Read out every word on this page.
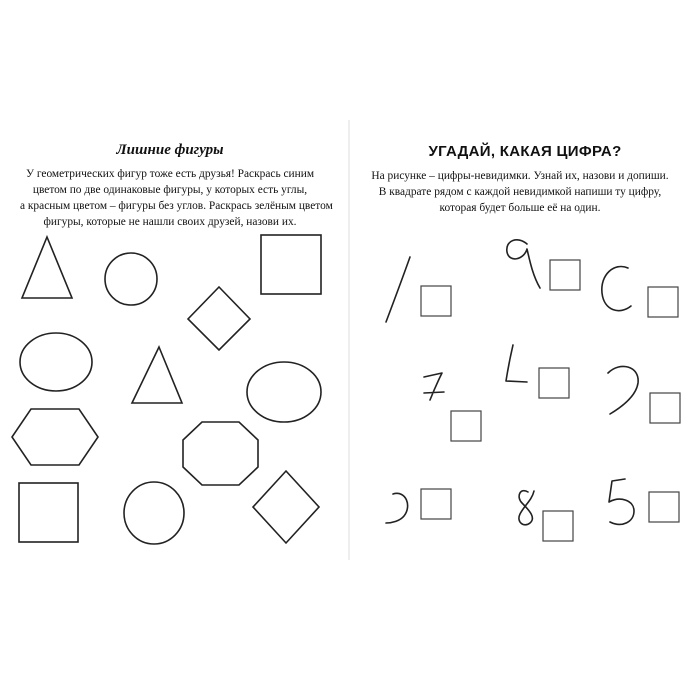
Лишние фигуры
У геометрических фигур тоже есть друзья! Раскрась синим
цветом по две одинаковые фигуры, у которых есть углы,
а красным цветом – фигуры без углов. Раскрась зелёным цветом
фигуры, которые не нашли своих друзей, назови их.
УГАДАЙ, КАКАЯ ЦИФРА?
На рисунке – цифры-невидимки. Узнай их, назови и допиши.
В квадрате рядом с каждой невидимкой напиши ту цифру,
которая будет больше её на один.
